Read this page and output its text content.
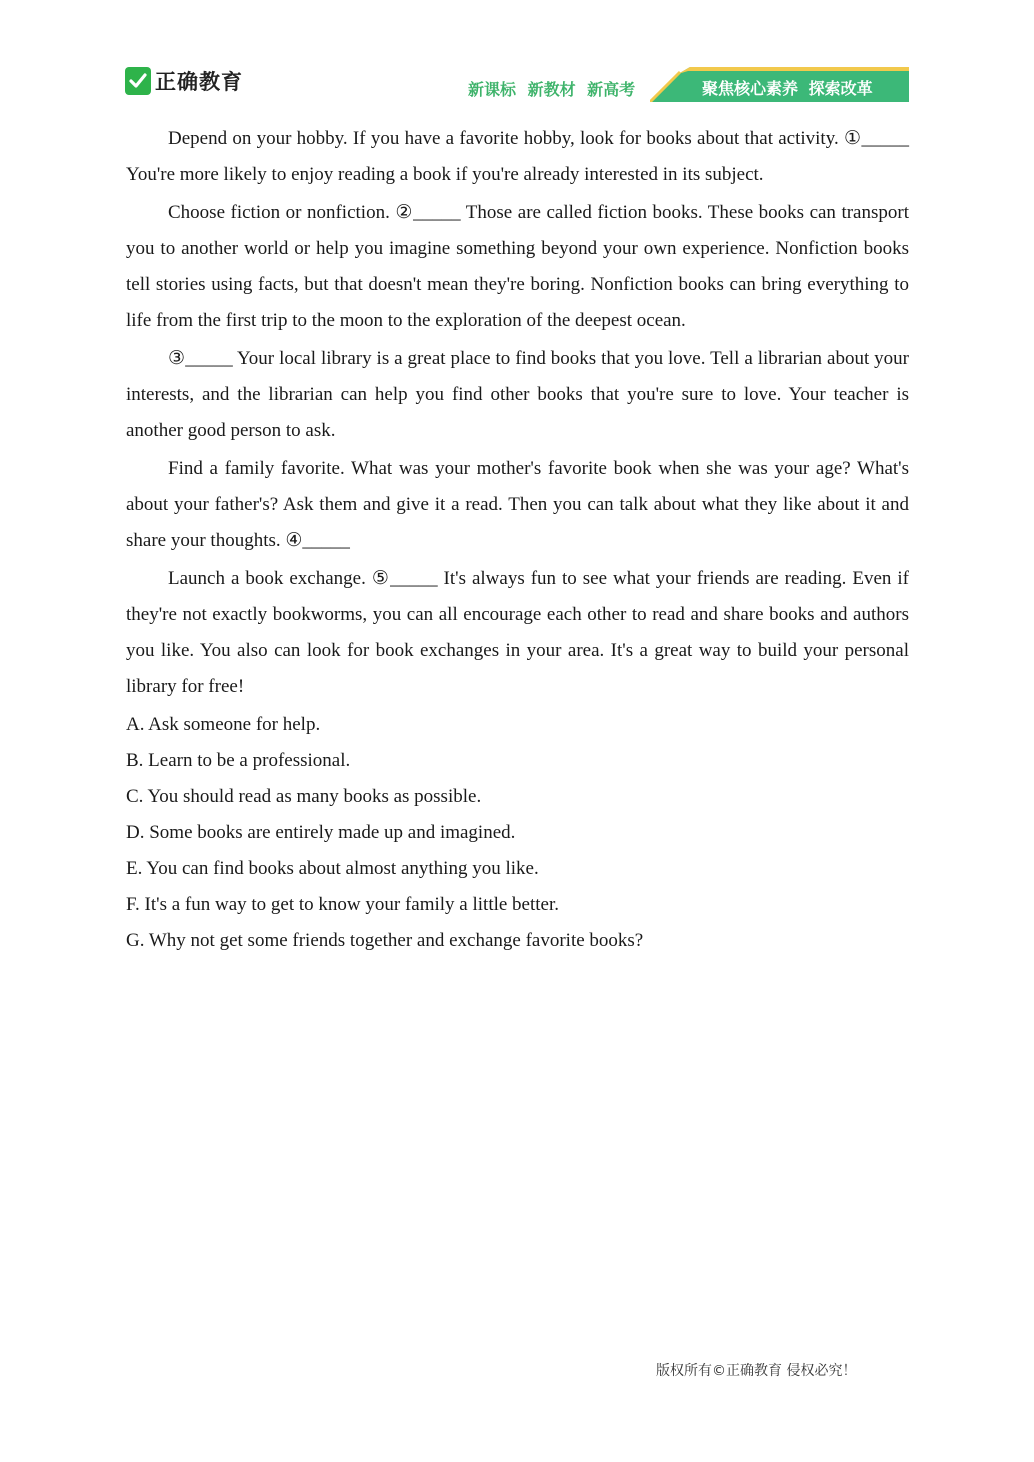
正确教育	新课标 新教材 新高考	聚焦核心素养 探索改革

Depend on your hobby. If you have a favorite hobby, look for books about that activity. ①_____ You're more likely to enjoy reading a book if you're already interested in its subject.

Choose fiction or nonfiction. ②_____ Those are called fiction books. These books can transport you to another world or help you imagine something beyond your own experience. Nonfiction books tell stories using facts, but that doesn't mean they're boring. Nonfiction books can bring everything to life from the first trip to the moon to the exploration of the deepest ocean.

③_____ Your local library is a great place to find books that you love. Tell a librarian about your interests, and the librarian can help you find other books that you're sure to love. Your teacher is another good person to ask.

Find a family favorite. What was your mother's favorite book when she was your age? What's about your father's? Ask them and give it a read. Then you can talk about what they like about it and share your thoughts. ④_____

Launch a book exchange. ⑤_____ It's always fun to see what your friends are reading. Even if they're not exactly bookworms, you can all encourage each other to read and share books and authors you like. You also can look for book exchanges in your area. It's a great way to build your personal library for free!

A. Ask someone for help.

B. Learn to be a professional.

C. You should read as many books as possible.

D. Some books are entirely made up and imagined.

E. You can find books about almost anything you like.

F. It's a fun way to get to know your family a little better.

G. Why not get some friends together and exchange favorite books?

版权所有©正确教育 侵权必究！
